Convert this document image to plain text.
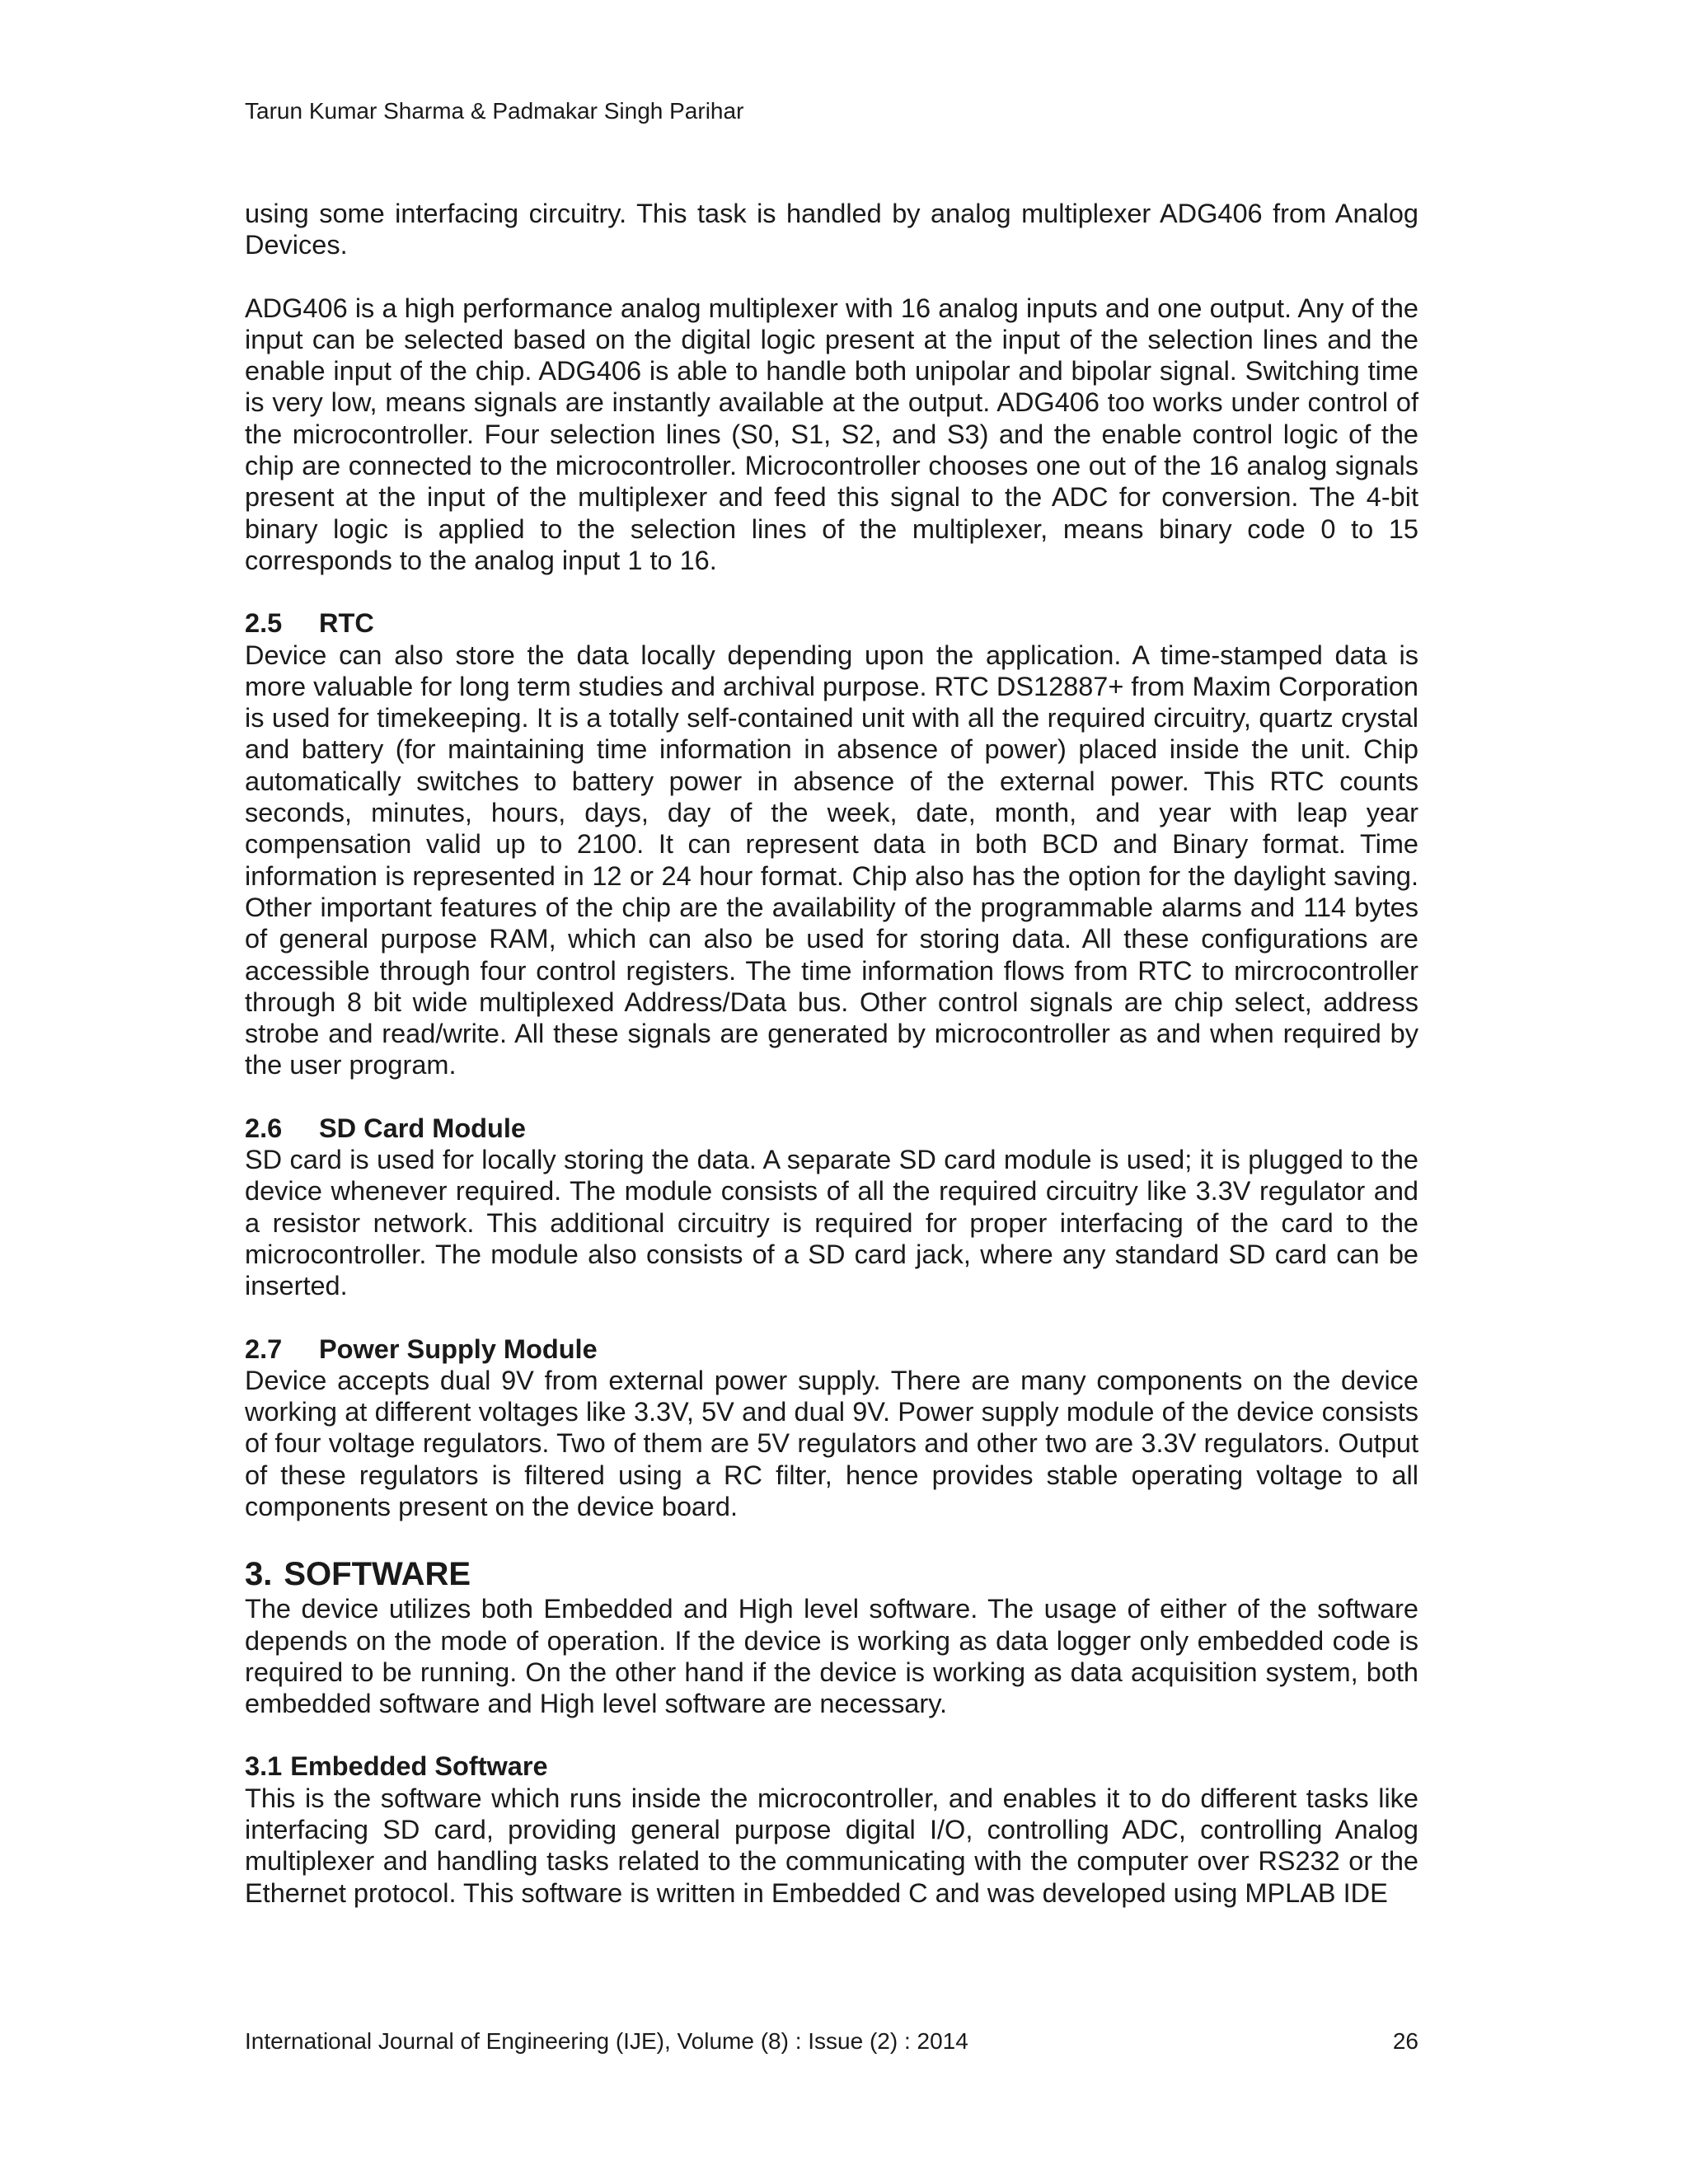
Tarun Kumar Sharma & Padmakar Singh Parihar

using some interfacing circuitry. This task is handled by analog multiplexer ADG406 from Analog Devices.

ADG406 is a high performance analog multiplexer with 16 analog inputs and one output. Any of the input can be selected based on the digital logic present at the input of the selection lines and the enable input of the chip. ADG406 is able to handle both unipolar and bipolar signal. Switching time is very low, means signals are instantly available at the output. ADG406 too works under control of the microcontroller. Four selection lines (S0, S1, S2, and S3) and the enable control logic of the chip are connected to the microcontroller. Microcontroller chooses one out of the 16 analog signals present at the input of the multiplexer and feed this signal to the ADC for conversion. The 4-bit binary logic is applied to the selection lines of the multiplexer, means binary code 0 to 15 corresponds to the analog input 1 to 16.

2.5 RTC

Device can also store the data locally depending upon the application. A time-stamped data is more valuable for long term studies and archival purpose. RTC DS12887+ from Maxim Corporation is used for timekeeping. It is a totally self-contained unit with all the required circuitry, quartz crystal and battery (for maintaining time information in absence of power) placed inside the unit. Chip automatically switches to battery power in absence of the external power. This RTC counts seconds, minutes, hours, days, day of the week, date, month, and year with leap year compensation valid up to 2100. It can represent data in both BCD and Binary format. Time information is represented in 12 or 24 hour format. Chip also has the option for the daylight saving. Other important features of the chip are the availability of the programmable alarms and 114 bytes of general purpose RAM, which can also be used for storing data. All these configurations are accessible through four control registers. The time information flows from RTC to mircrocontroller through 8 bit wide multiplexed Address/Data bus. Other control signals are chip select, address strobe and read/write. All these signals are generated by microcontroller as and when required by the user program.

2.6 SD Card Module

SD card is used for locally storing the data. A separate SD card module is used; it is plugged to the device whenever required. The module consists of all the required circuitry like 3.3V regulator and a resistor network. This additional circuitry is required for proper interfacing of the card to the microcontroller. The module also consists of a SD card jack, where any standard SD card can be inserted.

2.7 Power Supply Module

Device accepts dual 9V from external power supply. There are many components on the device working at different voltages like 3.3V, 5V and dual 9V. Power supply module of the device consists of four voltage regulators. Two of them are 5V regulators and other two are 3.3V regulators. Output of these regulators is filtered using a RC filter, hence provides stable operating voltage to all components present on the device board.

3. SOFTWARE

The device utilizes both Embedded and High level software. The usage of either of the software depends on the mode of operation. If the device is working as data logger only embedded code is required to be running. On the other hand if the device is working as data acquisition system, both embedded software and High level software are necessary.

3.1 Embedded Software

This is the software which runs inside the microcontroller, and enables it to do different tasks like interfacing SD card, providing general purpose digital I/O, controlling ADC, controlling Analog multiplexer and handling tasks related to the communicating with the computer over RS232 or the Ethernet protocol. This software is written in Embedded C and was developed using MPLAB IDE

International Journal of Engineering (IJE), Volume (8) : Issue (2) : 2014	26
